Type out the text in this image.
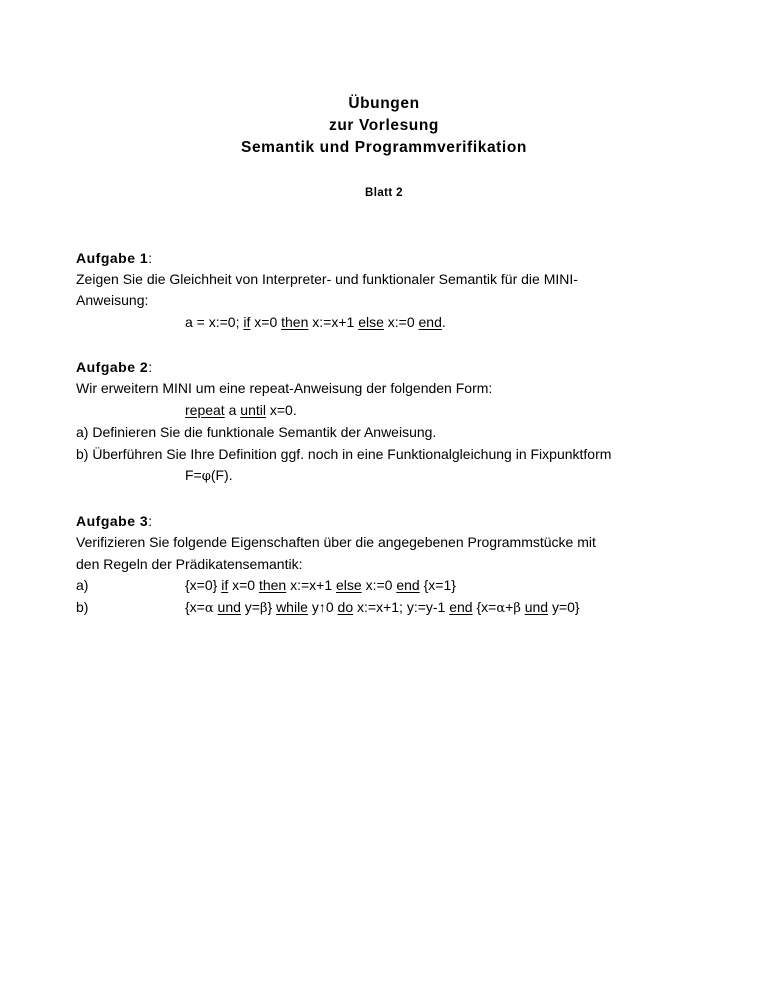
Übungen
zur Vorlesung
Semantik und Programmverifikation
Blatt 2
Aufgabe 1:
Zeigen Sie die Gleichheit von Interpreter- und funktionaler Semantik für die MINI-
Anweisung:
a = x:=0; if x=0 then x:=x+1 else x:=0 end.
Aufgabe 2:
Wir erweitern MINI um eine repeat-Anweisung der folgenden Form:
repeat a until x=0.
a) Definieren Sie die funktionale Semantik der Anweisung.
b) Überführen Sie Ihre Definition ggf. noch in eine Funktionalgleichung in Fixpunktform
F=φ(F).
Aufgabe 3:
Verifizieren Sie folgende Eigenschaften über die angegebenen Programmstücke mit
den Regeln der Prädikatensemantik:
a)	{x=0} if x=0 then x:=x+1 else x:=0 end {x=1}
b)	{x=α und y=β} while y↑0 do x:=x+1; y:=y-1 end {x=α+β und y=0}
